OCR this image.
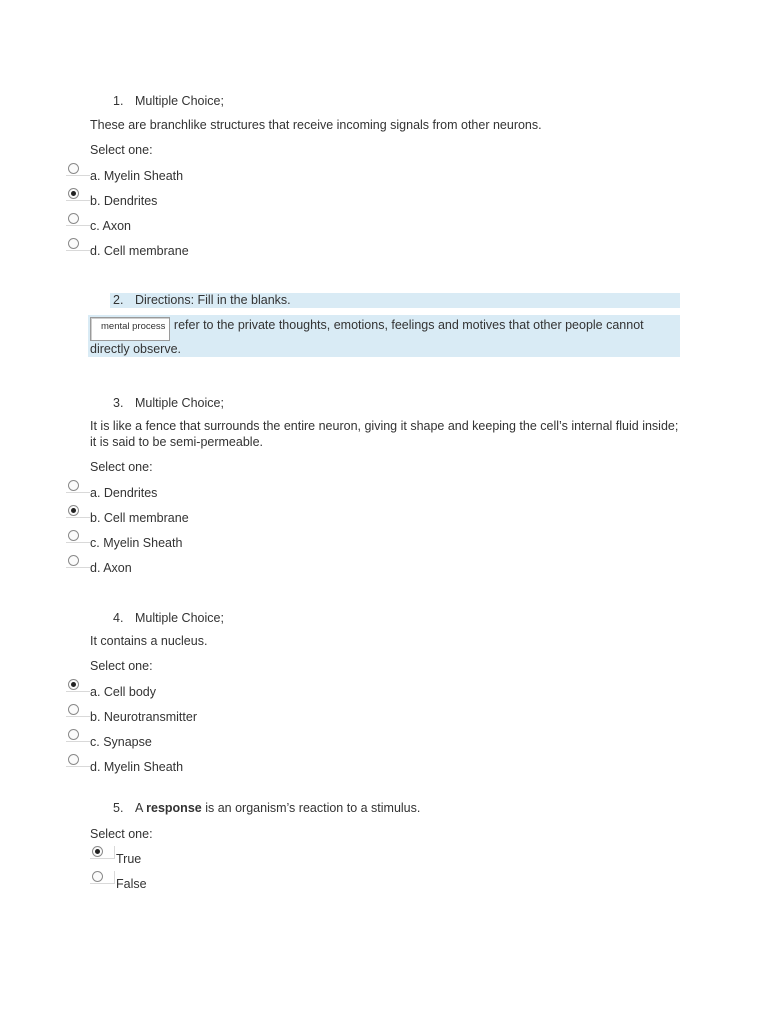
1. Multiple Choice;
These are branchlike structures that receive incoming signals from other neurons.
Select one:
a. Myelin Sheath
b. Dendrites
c. Axon
d. Cell membrane
2. Directions: Fill in the blanks.
mental process refer to the private thoughts, emotions, feelings and motives that other people cannot directly observe.
3. Multiple Choice;
It is like a fence that surrounds the entire neuron, giving it shape and keeping the cell’s internal fluid inside; it is said to be semi-permeable.
Select one:
a. Dendrites
b. Cell membrane
c. Myelin Sheath
d. Axon
4. Multiple Choice;
It contains a nucleus.
Select one:
a. Cell body
b. Neurotransmitter
c. Synapse
d. Myelin Sheath
5. A response is an organism’s reaction to a stimulus.
Select one:
True
False
